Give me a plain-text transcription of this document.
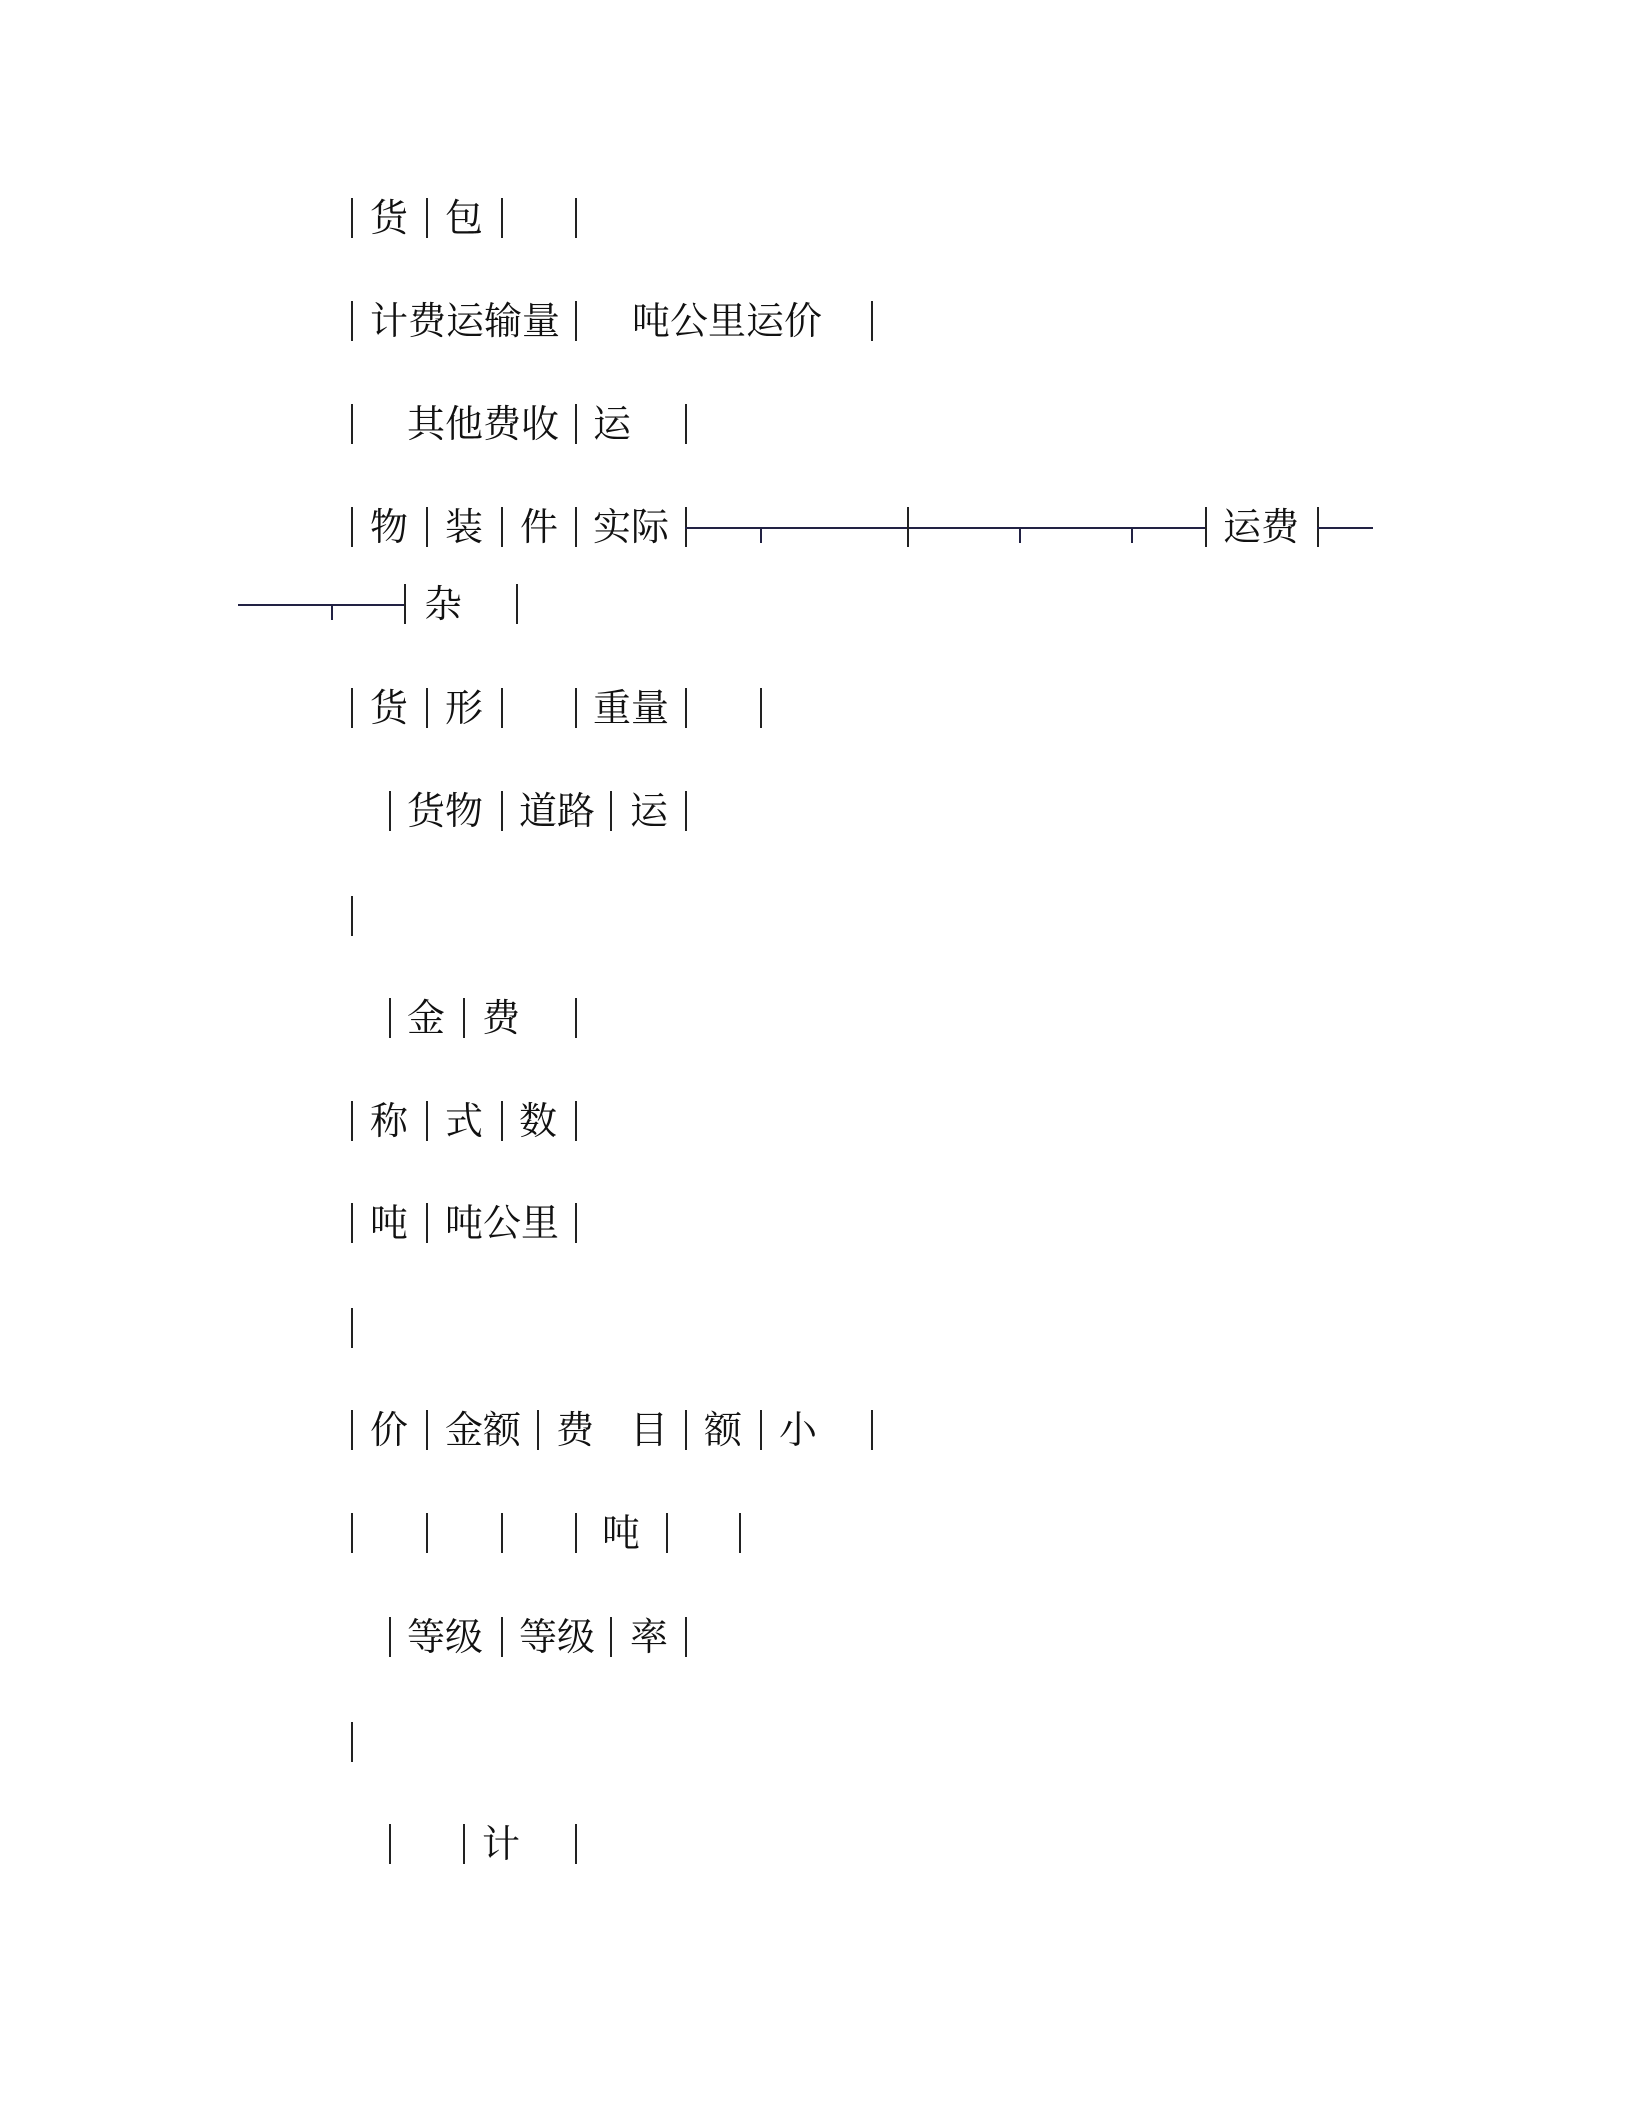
货 包
计费运输量 吨公里运价
其他费收 运
物 装 件 实际	运费
杂
货 形	重量
货物 道路 运
金 费
称 式 数
吨 吨公里
价 金额 费 目 额 小
吨
等级 等级 率
计
